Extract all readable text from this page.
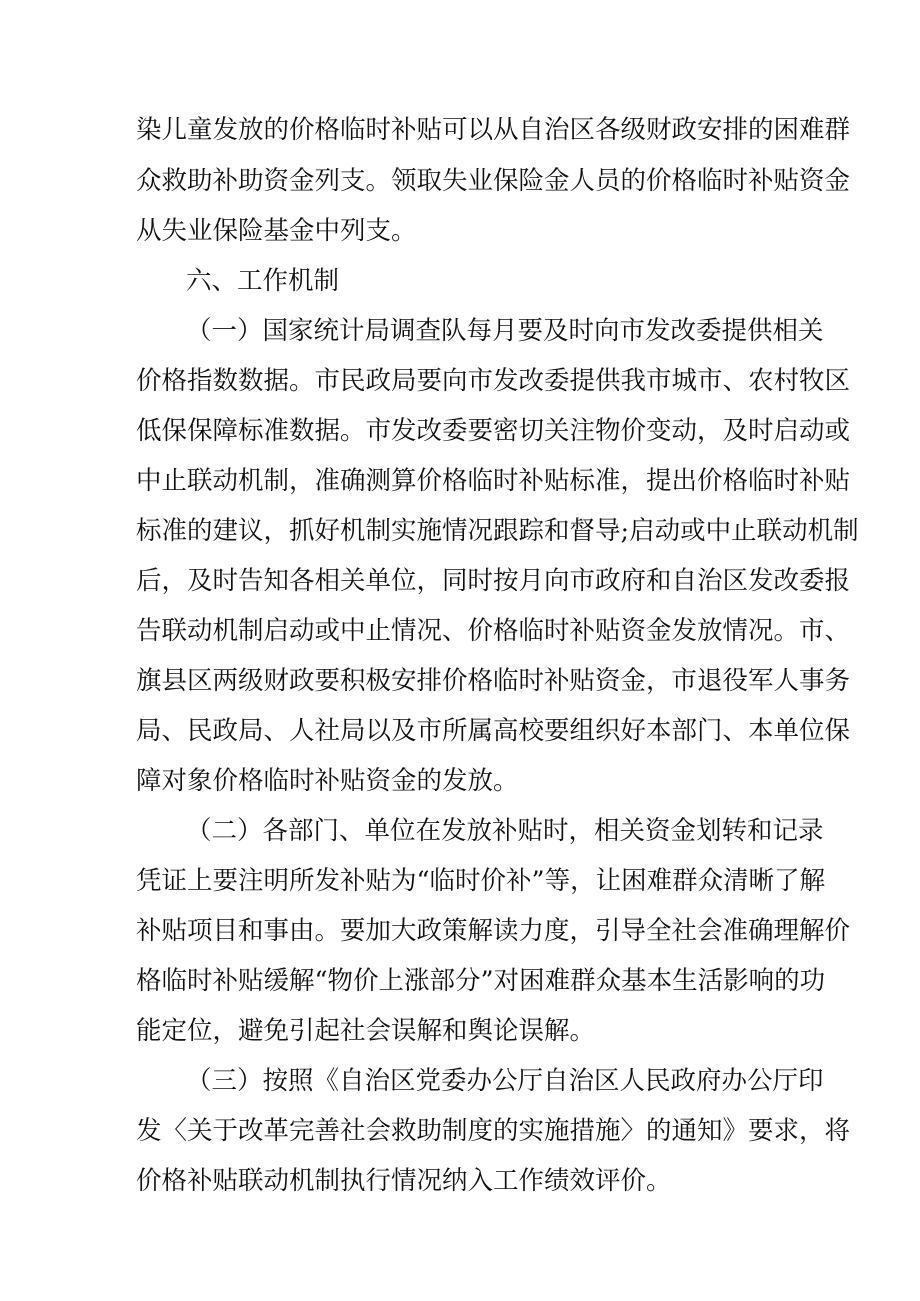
染儿童发放的价格临时补贴可以从自治区各级财政安排的困难群
众救助补助资金列支。领取失业保险金人员的价格临时补贴资金
从失业保险基金中列支。
六、工作机制
（一）国家统计局调查队每月要及时向市发改委提供相关
价格指数数据。市民政局要向市发改委提供我市城市、农村牧区
低保保障标准数据。市发改委要密切关注物价变动，及时启动或
中止联动机制，准确测算价格临时补贴标准，提出价格临时补贴
标准的建议，抓好机制实施情况跟踪和督导;启动或中止联动机制
后，及时告知各相关单位，同时按月向市政府和自治区发改委报
告联动机制启动或中止情况、价格临时补贴资金发放情况。市、
旗县区两级财政要积极安排价格临时补贴资金，市退役军人事务
局、民政局、人社局以及市所属高校要组织好本部门、本单位保
障对象价格临时补贴资金的发放。
（二）各部门、单位在发放补贴时，相关资金划转和记录
凭证上要注明所发补贴为“临时价补”等，让困难群众清晰了解
补贴项目和事由。要加大政策解读力度，引导全社会准确理解价
格临时补贴缓解“物价上涨部分”对困难群众基本生活影响的功
能定位，避免引起社会误解和舆论误解。
（三）按照《自治区党委办公厅自治区人民政府办公厅印
发〈关于改革完善社会救助制度的实施措施〉的通知》要求，将
价格补贴联动机制执行情况纳入工作绩效评价。
